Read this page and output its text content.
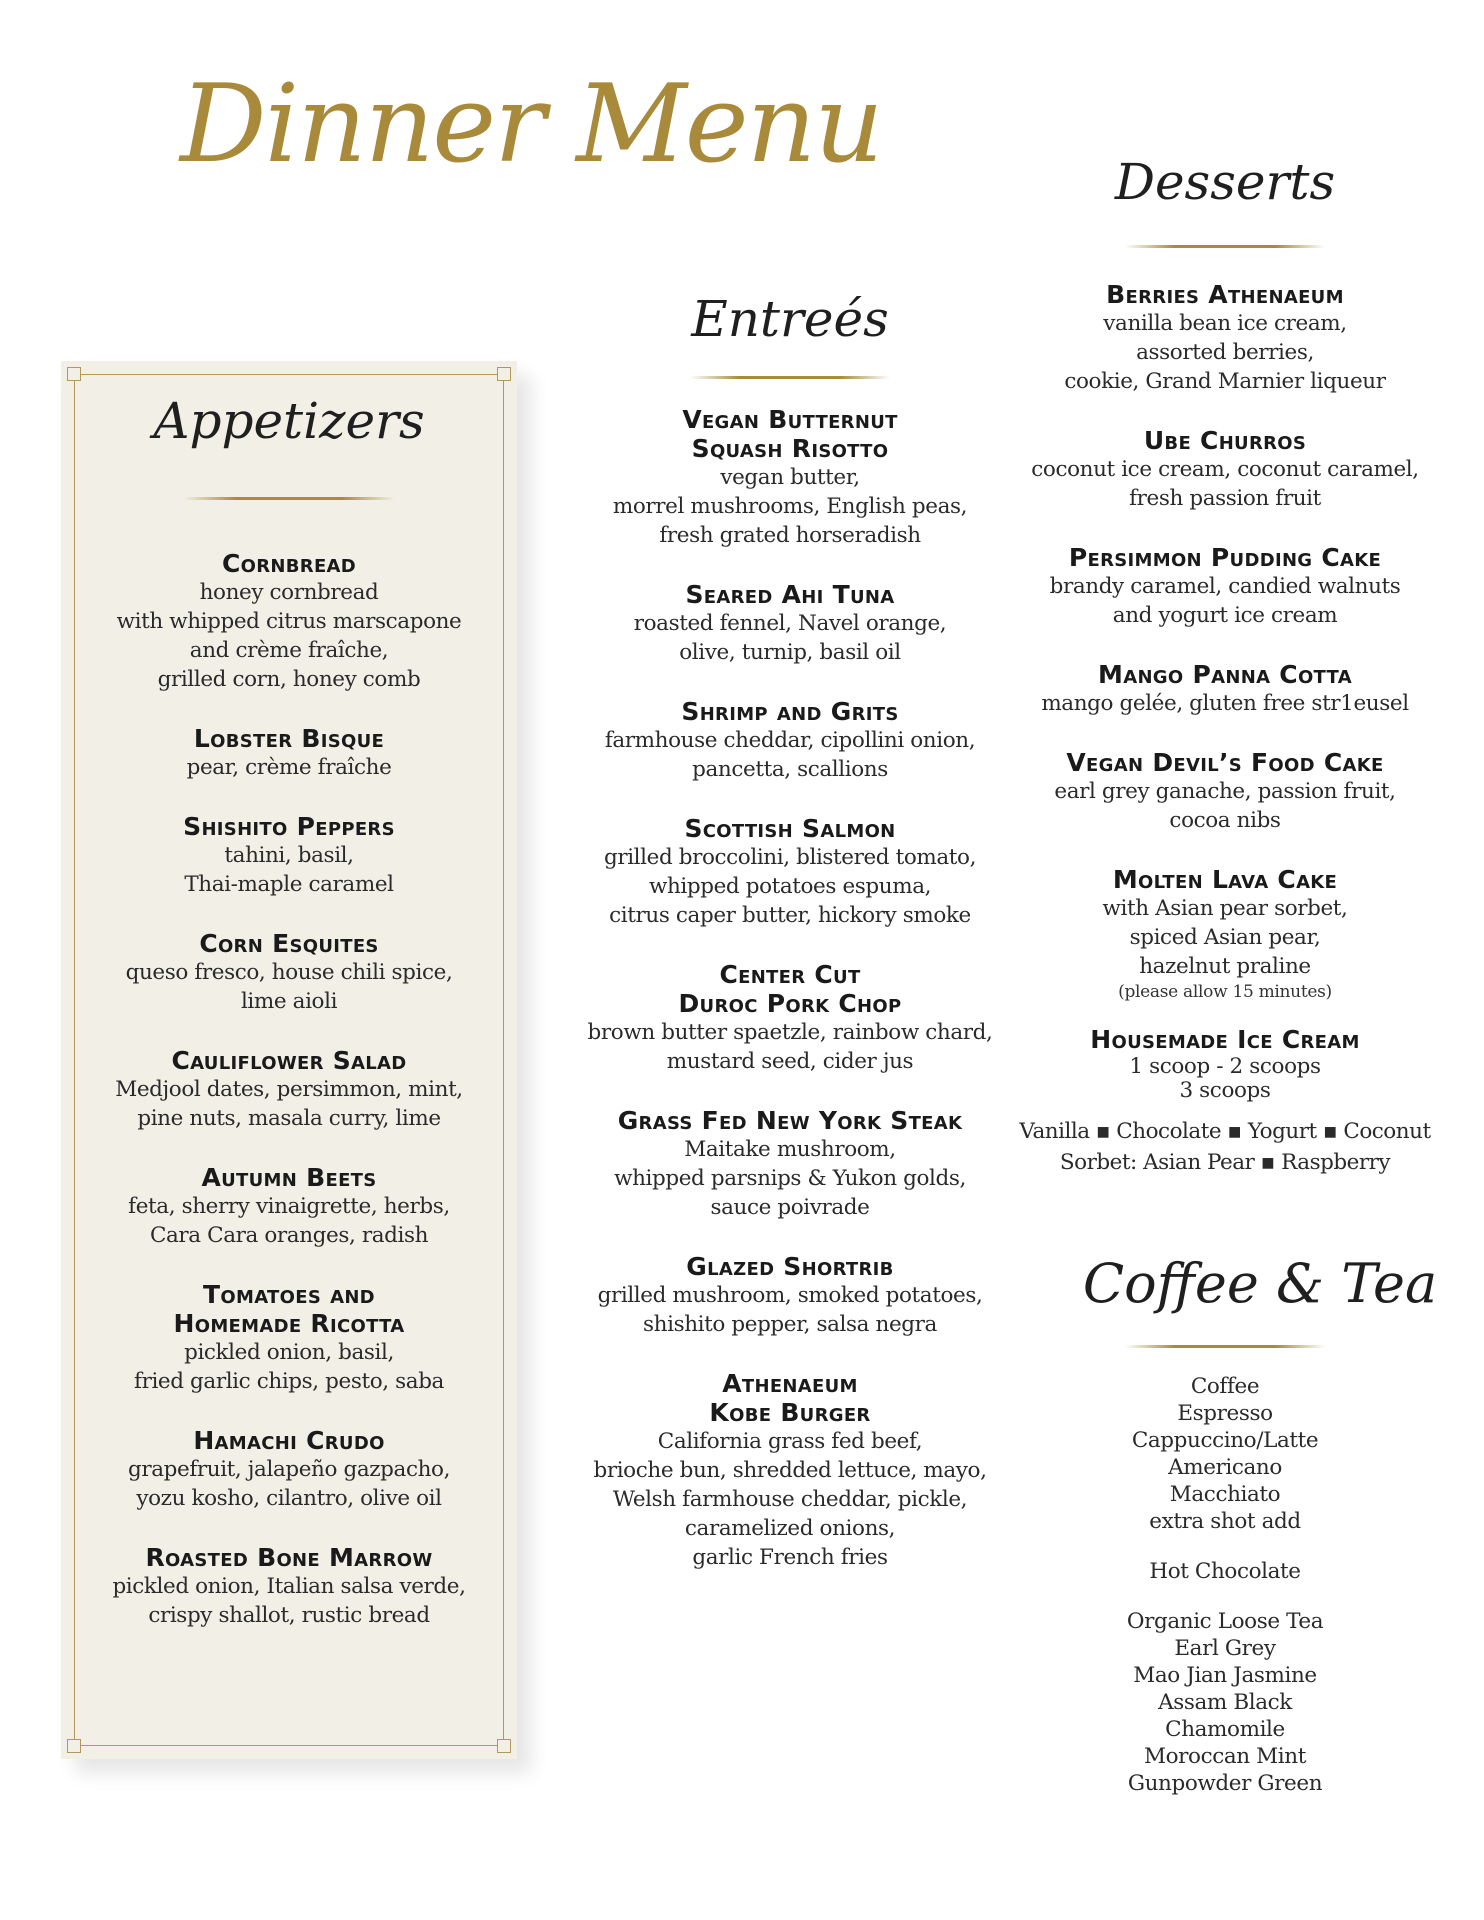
Dinner Menu
Appetizers
Cornbread
honey cornbread
with whipped citrus marscapone
and crème fraîche,
grilled corn, honey comb
Lobster Bisque
pear, crème fraîche
Shishito Peppers
tahini, basil,
Thai-maple caramel
Corn Esquites
queso fresco, house chili spice,
lime aioli
Cauliflower Salad
Medjool dates, persimmon, mint,
pine nuts, masala curry, lime
Autumn Beets
feta, sherry vinaigrette, herbs,
Cara Cara oranges, radish
Tomatoes and
Homemade Ricotta
pickled onion, basil,
fried garlic chips, pesto, saba
Hamachi Crudo
grapefruit, jalapeño gazpacho,
yozu kosho, cilantro, olive oil
Roasted Bone Marrow
pickled onion, Italian salsa verde,
crispy shallot, rustic bread
Entreés
Vegan Butternut
Squash Risotto
vegan butter,
morrel mushrooms, English peas,
fresh grated horseradish
Seared Ahi Tuna
roasted fennel, Navel orange,
olive, turnip, basil oil
Shrimp and Grits
farmhouse cheddar, cipollini onion,
pancetta, scallions
Scottish Salmon
grilled broccolini, blistered tomato,
whipped potatoes espuma,
citrus caper butter, hickory smoke
Center Cut
Duroc Pork Chop
brown butter spaetzle, rainbow chard,
mustard seed, cider jus
Grass Fed New York Steak
Maitake mushroom,
whipped parsnips & Yukon golds,
sauce poivrade
Glazed Shortrib
grilled mushroom, smoked potatoes,
shishito pepper, salsa negra
Athenaeum
Kobe Burger
California grass fed beef,
brioche bun, shredded lettuce, mayo,
Welsh farmhouse cheddar, pickle,
caramelized onions,
garlic French fries
Desserts
Berries Athenaeum
vanilla bean ice cream,
assorted berries,
cookie, Grand Marnier liqueur
Ube Churros
coconut ice cream, coconut caramel,
fresh passion fruit
Persimmon Pudding Cake
brandy caramel, candied walnuts
and yogurt ice cream
Mango Panna Cotta
mango gelée, gluten free str1eusel
Vegan Devil’s Food Cake
earl grey ganache, passion fruit,
cocoa nibs
Molten Lava Cake
with Asian pear sorbet,
spiced Asian pear,
hazelnut praline
(please allow 15 minutes)
Housemade Ice Cream
1 scoop - 2 scoops
3 scoops
Vanilla ▪ Chocolate ▪ Yogurt ▪ Coconut
Sorbet: Asian Pear ▪ Raspberry
Coffee & Tea
Coffee
Espresso
Cappuccino/Latte
Americano
Macchiato
extra shot add
Hot Chocolate
Organic Loose Tea
Earl Grey
Mao Jian Jasmine
Assam Black
Chamomile
Moroccan Mint
Gunpowder Green
